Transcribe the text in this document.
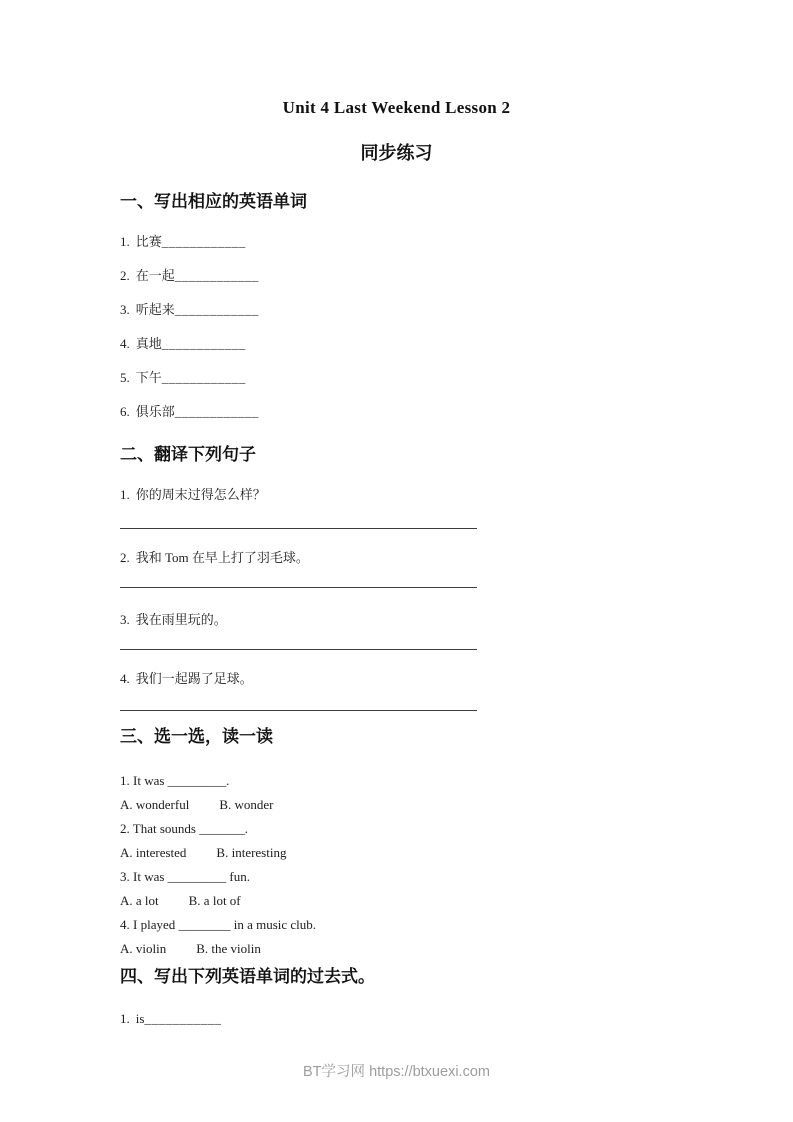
Unit 4 Last Weekend Lesson 2
同步练习
一、写出相应的英语单词
1. 比赛____________
2. 在一起____________
3. 听起来____________
4. 真地____________
5. 下午____________
6. 俱乐部____________
二、翻译下列句子
1. 你的周末过得怎么样？
2. 我和 Tom 在早上打了羽毛球。
3. 我在雨里玩的。
4. 我们一起踢了足球。
三、选一选，读一读
1. It was _________.
A. wonderful B. wonder
2. That sounds _______.
A. interested B. interesting
3. It was _________ fun.
A. a lot B. a lot of
4. I played ________ in a music club.
A. violin B. the violin
四、写出下列英语单词的过去式。
1. is___________
BT学习网 https://btxuexi.com
